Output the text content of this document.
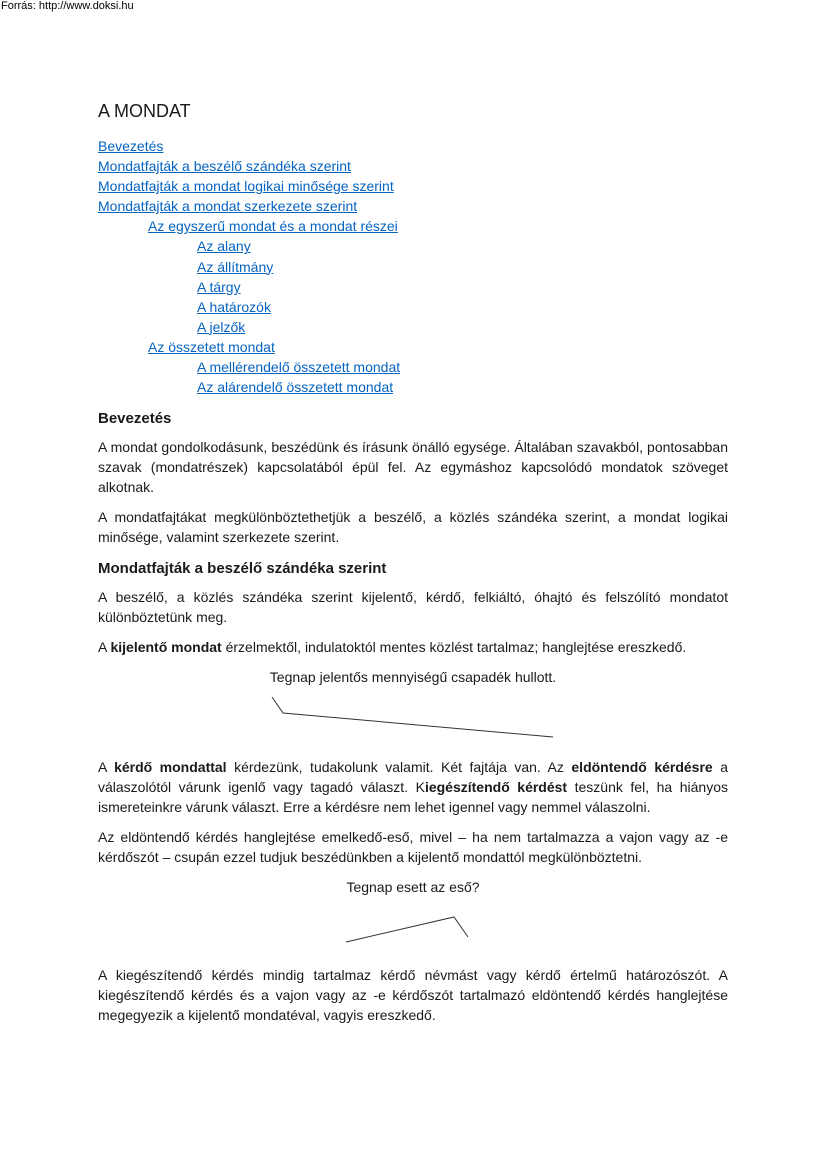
Forrás: http://www.doksi.hu
A MONDAT
Bevezetés
Mondatfajták a beszélő szándéka szerint
Mondatfajták a mondat logikai minősége szerint
Mondatfajták a mondat szerkezete szerint
Az egyszerű mondat és a mondat részei
Az alany
Az állítmány
A tárgy
A határozók
A jelzők
Az összetett mondat
A mellérendelő összetett mondat
Az alárendelő összetett mondat
Bevezetés

A mondat gondolkodásunk, beszédünk és írásunk önálló egysége. Általában szavakból, pontosabban szavak (mondatrészek) kapcsolatából épül fel. Az egymáshoz kapcsolódó mondatok szöveget alkotnak.

A mondatfajtákat megkülönböztethetjük a beszélő, a közlés szándéka szerint, a mondat logikai minősége, valamint szerkezete szerint.

Mondatfajták a beszélő szándéka szerint

A beszélő, a közlés szándéka szerint kijelentő, kérdő, felkiáltó, óhajtó és felszólító mondatot különböztetünk meg.

A kijelentő mondat érzelmektől, indulatoktól mentes közlést tartalmaz; hanglejtése ereszkedő.

Tegnap jelentős mennyiségű csapadék hullott.

A kérdő mondattal kérdezünk, tudakolunk valamit. Két fajtája van. Az eldöntendő kérdésre a válaszolótól várunk igenlő vagy tagadó választ. Kiegészítendő kérdést teszünk fel, ha hiányos ismereteinkre várunk választ. Erre a kérdésre nem lehet igennel vagy nemmel válaszolni.

Az eldöntendő kérdés hanglejtése emelkedő-eső, mivel – ha nem tartalmazza a vajon vagy az -e kérdőszót – csupán ezzel tudjuk beszédünkben a kijelentő mondattól megkülönböztetni.

Tegnap esett az eső?

A kiegészítendő kérdés mindig tartalmaz kérdő névmást vagy kérdő értelmű határozószót. A kiegészítendő kérdés és a vajon vagy az -e kérdőszót tartalmazó eldöntendő kérdés hanglejtése megegyezik a kijelentő mondatéval, vagyis ereszkedő.
